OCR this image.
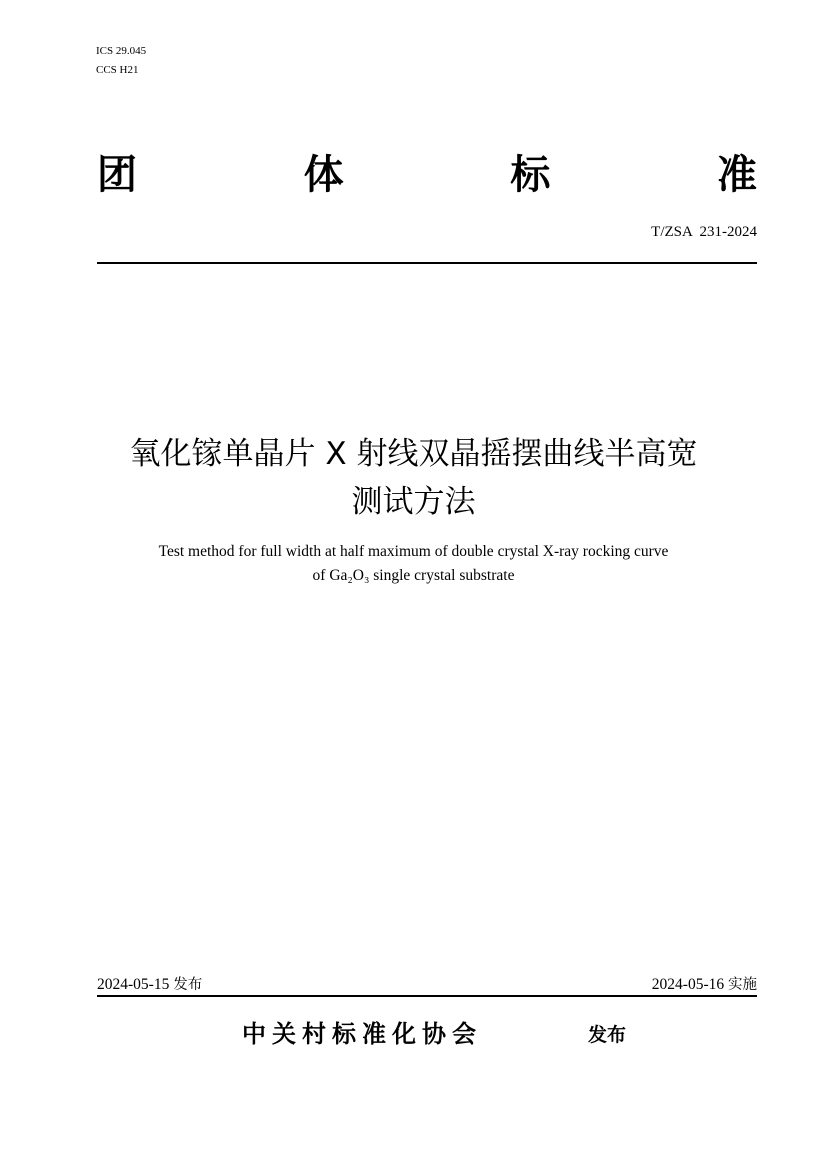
ICS 29.045
CCS H21
团	体	标	准
T/ZSA  231-2024
氧化镓单晶片 X 射线双晶摇摆曲线半高宽
测试方法
Test method for full width at half maximum of double crystal X-ray rocking curve
of Ga₂O₃ single crystal substrate
2024-05-15 发布	2024-05-16 实施
中关村标准化协会	发布
